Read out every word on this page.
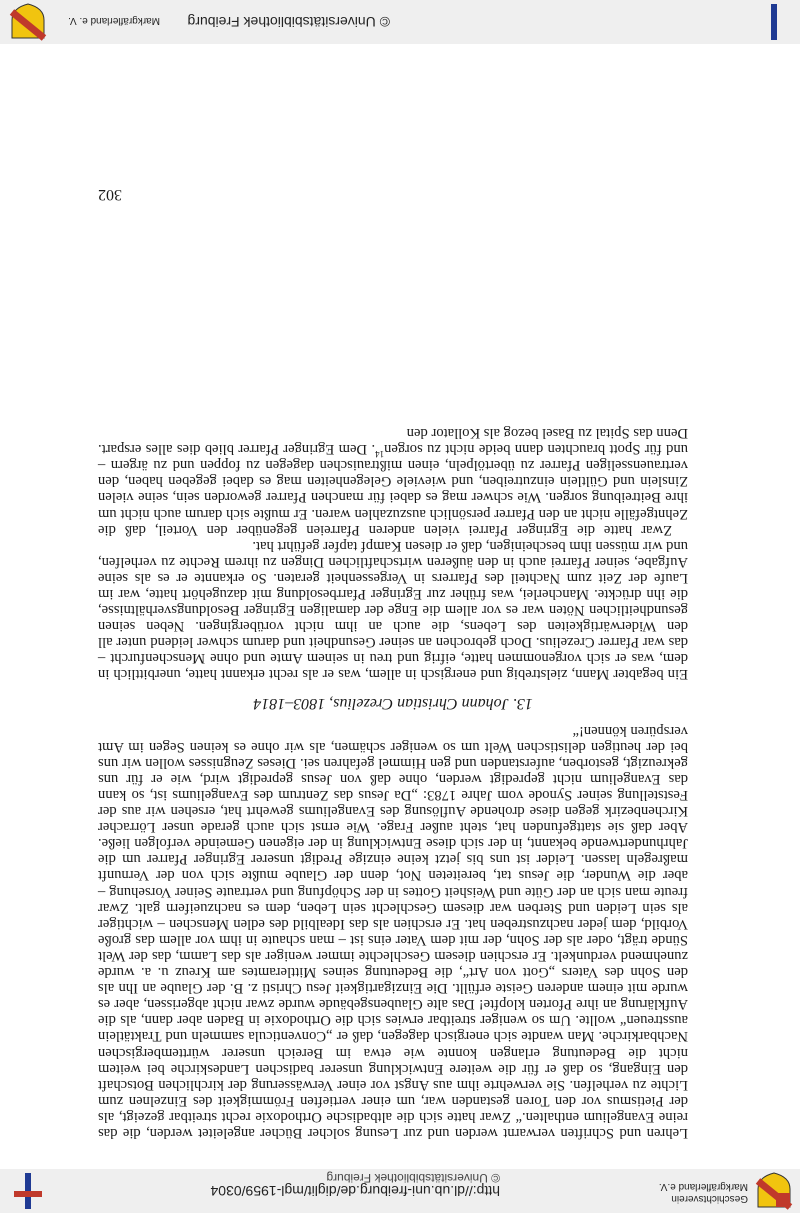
Geschichtsverein
Markgräflerland e.V.
http://dl.ub.uni-freiburg.de/diglit/mgl-1959/0304
© Universitätsbibliothek Freiburg

Lehren und Schriften verwarnt werden und zur Lesung solcher Bücher angeleitet werden, die das reine Evangelium enthalten.“ Zwar hatte sich die altbadische Orthodoxie recht streitbar gezeigt, als der Pietismus vor den Toren gestanden war, um einer vertieften Frömmigkeit des Einzelnen zum Lichte zu verhelfen. Sie verwehrte ihm aus Angst vor einer Verwässerung der kirchlichen Botschaft den Eingang, so daß er für die weitere Entwicklung unserer badischen Landeskirche bei weitem nicht die Bedeutung erlangen konnte wie etwa im Bereich unserer württembergischen Nachbarkirche. Man wandte sich energisch dagegen, daß er „Conventicula sammeln und Traktätlein ausstreuen“ wollte. Um so weniger streitbar erwies sich die Orthodoxie in Baden aber dann, als die Aufklärung an ihre Pforten klopfte! Das alte Glaubensgebäude wurde zwar nicht abgerissen, aber es wurde mit einem anderen Geiste erfüllt. Die Einzigartigkeit Jesu Christi z. B. der Glaube an Ihn als den Sohn des Vaters „Gott von Art“, die Bedeutung seines Mittleramtes am Kreuz u. a. wurde zunehmend verdunkelt. Er erschien diesem Geschlechte immer weniger als das Lamm, das der Welt Sünde trägt, oder als der Sohn, der mit dem Vater eins ist – man schaute in ihm vor allem das große Vorbild, dem jeder nachzustreben hat. Er erschien als das Idealbild des edlen Menschen – wichtiger als sein Leiden und Sterben war diesem Geschlecht sein Leben, dem es nachzueifern galt. Zwar freute man sich an der Güte und Weisheit Gottes in der Schöpfung und vertraute Seiner Vorsehung – aber die Wunder, die Jesus tat, bereiteten Not, denn der Glaube mußte sich von der Vernunft maßregeln lassen. Leider ist uns bis jetzt keine einzige Predigt unserer Egringer Pfarrer um die Jahrhundertwende bekannt, in der sich diese Entwicklung in der eigenen Gemeinde verfolgen ließe. Aber daß sie stattgefunden hat, steht außer Frage. Wie ernst sich auch gerade unser Lörracher Kirchenbezirk gegen diese drohende Auflösung des Evangeliums gewehrt hat, ersehen wir aus der Feststellung seiner Synode vom Jahre 1783: „Da Jesus das Zentrum des Evangeliums ist, so kann das Evangelium nicht gepredigt werden, ohne daß von Jesus gepredigt wird, wie er für uns gekreuzigt, gestorben, auferstanden und gen Himmel gefahren sei. Dieses Zeugnisses wollen wir uns bei der heutigen delistischen Welt um so weniger schämen, als wir ohne es keinen Segen im Amt verspüren können!“

13. Johann Christian Crezelius, 1803–1814

Ein begabter Mann, zielstrebig und energisch in allem, was er als recht erkannt hatte, unerbittlich in dem, was er sich vorgenommen hatte, eifrig und treu in seinem Amte und ohne Menschenfurcht – das war Pfarrer Crezelius. Doch gebrochen an seiner Gesundheit und darum schwer leidend unter all den Widerwärtigkeiten des Lebens, die auch an ihm nicht vorübergingen. Neben seinen gesundheitlichen Nöten war es vor allem die Enge der damaligen Egringer Besoldungsverhältnisse, die ihn drückte. Mancherlei, was früher zur Egringer Pfarrbesoldung mit dazugehört hatte, war im Laufe der Zeit zum Nachteil des Pfarrers in Vergessenheit geraten. So erkannte er es als seine Aufgabe, seiner Pfarrei auch in den äußeren wirtschaftlichen Dingen zu ihrem Rechte zu verhelfen, und wir müssen ihm bescheinigen, daß er diesen Kampf tapfer geführt hat.

Zwar hatte die Egringer Pfarrei vielen anderen Pfarreien gegenüber den Vorteil, daß die Zehntgefälle nicht an den Pfarrer persönlich auszuzahlen waren. Er mußte sich darum auch nicht um ihre Beitreibung sorgen. Wie schwer mag es dabei für manchen Pfarrer geworden sein, seine vielen Zinslein und Gültlein einzutreiben, und wieviele Gelegenheiten mag es dabei gegeben haben, den vertrauensseligen Pfarrer zu übertölpeln, einen mißtrauischen dagegen zu foppen und zu ärgern – und für Spott brauchten dann beide nicht zu sorgen$^{14}$. Dem Egringer Pfarrer blieb dies alles erspart. Denn das Spital zu Basel bezog als Kollator den

302
© Universitätsbibliothek Freiburg
Markgräflerland e. V.
